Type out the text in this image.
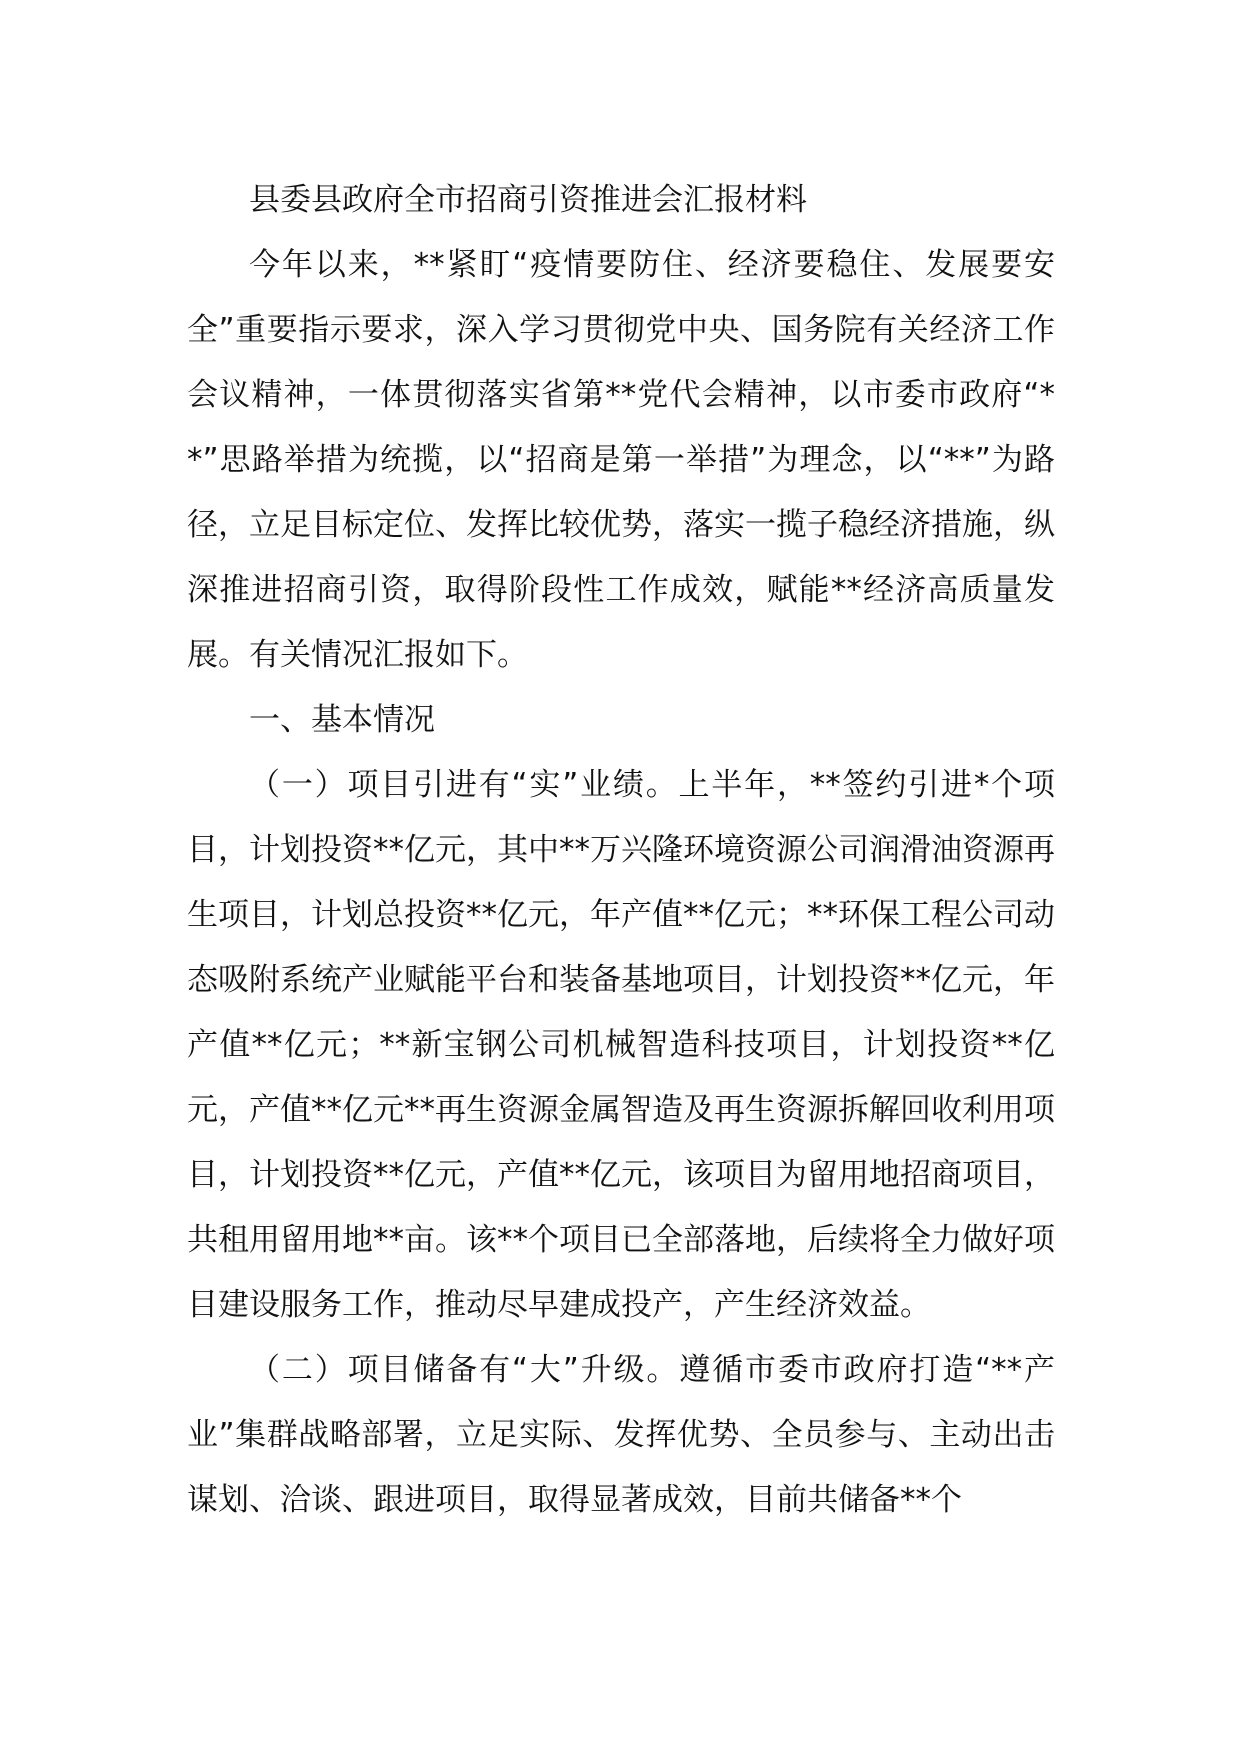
县委县政府全市招商引资推进会汇报材料

今年以来，**紧盯“疫情要防住、经济要稳住、发展要安全”重要指示要求，深入学习贯彻党中央、国务院有关经济工作会议精神，一体贯彻落实省第**党代会精神，以市委市政府“**”思路举措为统揽，以“招商是第一举措”为理念，以“**”为路径，立足目标定位、发挥比较优势，落实一揽子稳经济措施，纵深推进招商引资，取得阶段性工作成效，赋能**经济高质量发展。有关情况汇报如下。

一、基本情况

（一）项目引进有“实”业绩。上半年，**签约引进*个项目，计划投资**亿元，其中**万兴隆环境资源公司润滑油资源再生项目，计划总投资**亿元，年产值**亿元；**环保工程公司动态吸附系统产业赋能平台和装备基地项目，计划投资**亿元，年产值**亿元；**新宝钢公司机械智造科技项目，计划投资**亿元，产值**亿元**再生资源金属智造及再生资源拆解回收利用项目，计划投资**亿元，产值**亿元，该项目为留用地招商项目，共租用留用地**亩。该**个项目已全部落地，后续将全力做好项目建设服务工作，推动尽早建成投产，产生经济效益。

（二）项目储备有“大”升级。遵循市委市政府打造“**产业”集群战略部署，立足实际、发挥优势、全员参与、主动出击谋划、洽谈、跟进项目，取得显著成效，目前共储备**个
